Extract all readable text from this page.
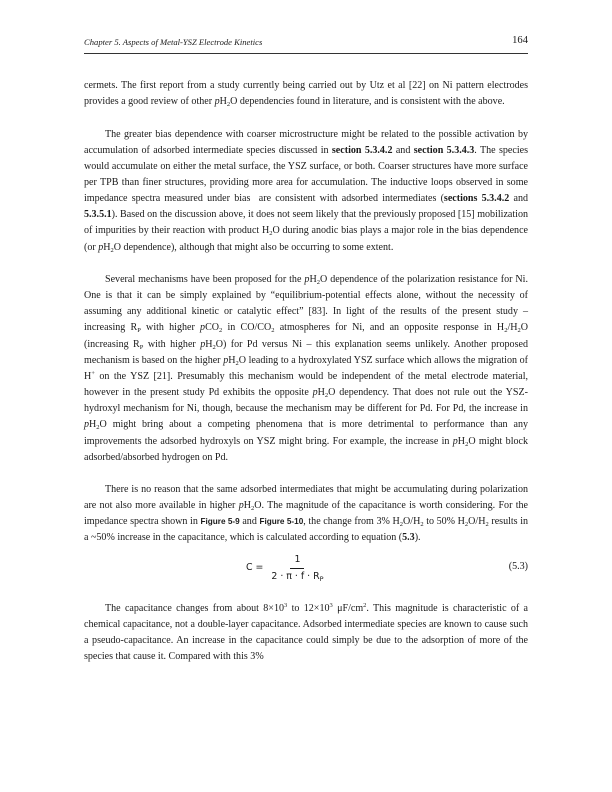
Chapter 5. Aspects of Metal-YSZ Electrode Kinetics	164

cermets. The first report from a study currently being carried out by Utz et al [22] on Ni pattern electrodes provides a good review of other $pH_2O$ dependencies found in literature, and is consistent with the above.

The greater bias dependence with coarser microstructure might be related to the possible activation by accumulation of adsorbed intermediate species discussed in section 5.3.4.2 and section 5.3.4.3. The species would accumulate on either the metal surface, the YSZ surface, or both. Coarser structures have more surface per TPB than finer structures, providing more area for accumulation. The inductive loops observed in some impedance spectra measured under bias  are consistent with adsorbed intermediates (sections 5.3.4.2 and 5.3.5.1). Based on the discussion above, it does not seem likely that the previously proposed [15] mobilization of impurities by their reaction with product $H_2O$ during anodic bias plays a major role in the bias dependence (or $pH_2O$ dependence), although that might also be occurring to some extent.

Several mechanisms have been proposed for the $pH_2O$ dependence of the polarization resistance for Ni. One is that it can be simply explained by “equilibrium-potential effects alone, without the necessity of assuming any additional kinetic or catalytic effect” [83]. In light of the results of the present study – increasing $R_P$ with higher pCO$_2$ in $CO/CO_2$ atmospheres for Ni, and an opposite response in $H_2/H_2O$ (increasing $R_P$ with higher $pH_2O$) for Pd versus Ni – this explanation seems unlikely. Another proposed mechanism is based on the higher $pH_2O$ leading to a hydroxylated YSZ surface which allows the migration of H+ on the YSZ [21]. Presumably this mechanism would be independent of the metal electrode material, however in the present study Pd exhibits the opposite $pH_2O$ dependency. That does not rule out the YSZ-hydroxyl mechanism for Ni, though, because the mechanism may be different for Pd. For Pd, the increase in $pH_2O$ might bring about a competing phenomena that is more detrimental to performance than any improvements the adsorbed hydroxyls on YSZ might bring. For example, the increase in $pH_2O$ might block adsorbed/absorbed hydrogen on Pd.

There is no reason that the same adsorbed intermediates that might be accumulating during polarization are not also more available in higher $pH_2O$. The magnitude of the capacitance is worth considering. For the impedance spectra shown in Figure 5-9 and Figure 5-10, the change from 3% $H_2O/H_2$ to 50% $H_2O/H_2$ results in a ~50% increase in the capacitance, which is calculated according to equation (5.3).

$C = \frac{1}{2 \cdot \pi \cdot f \cdot R_P}$	(5.3)

The capacitance changes from about $8\times 10^3$ to $12\times 10^3$ $\mu F/cm^2$. This magnitude is characteristic of a chemical capacitance, not a double-layer capacitance. Adsorbed intermediate species are known to cause such a pseudo-capacitance. An increase in the capacitance could simply be due to the adsorption of more of the species that cause it. Compared with this 3%
